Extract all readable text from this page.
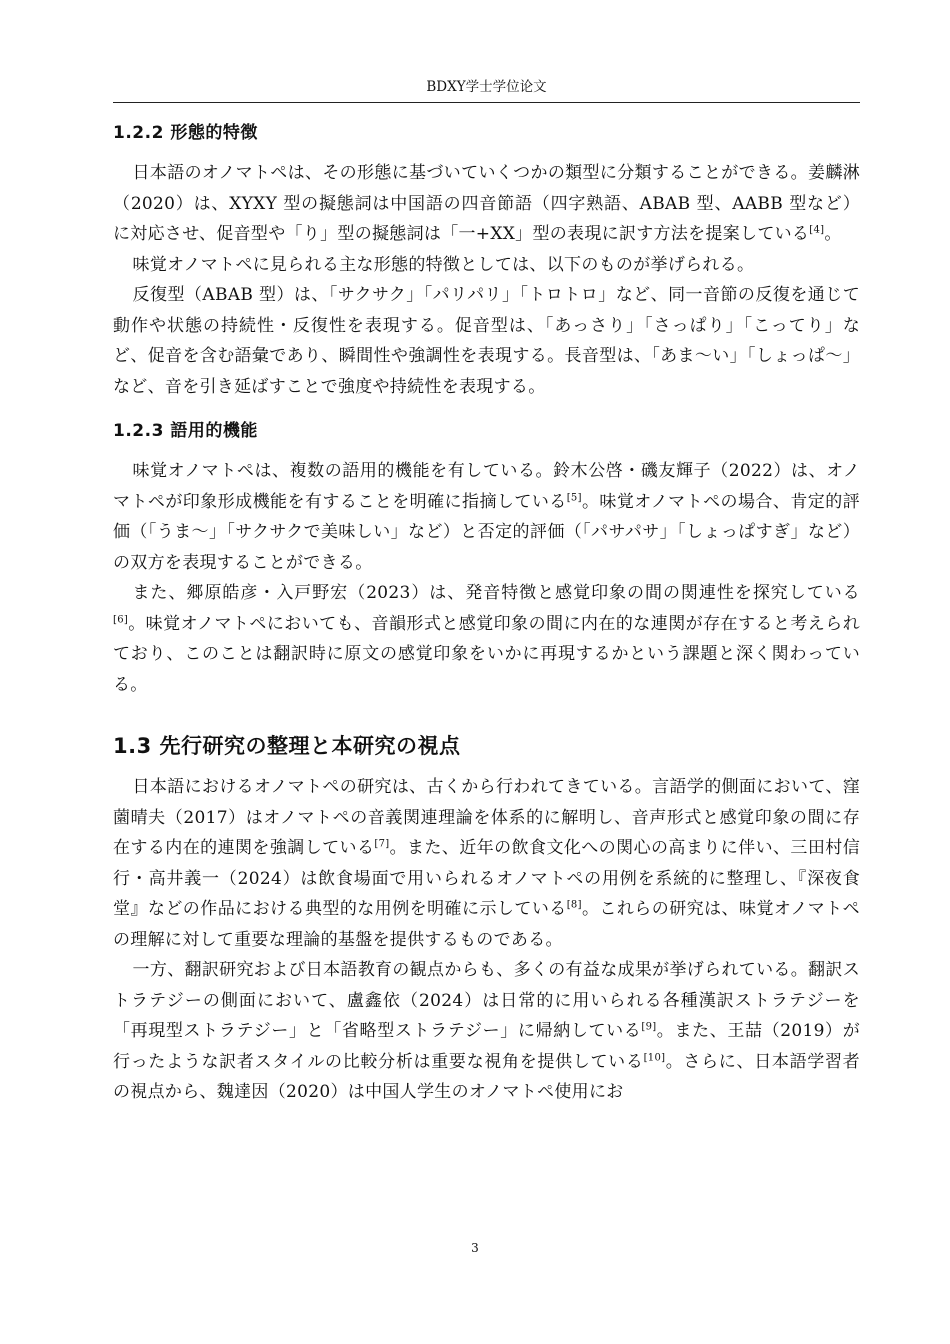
BDXY学士学位论文
1.2.2 形態的特徴

日本語のオノマトペは、その形態に基づいていくつかの類型に分類することができる。姜麟淋（2020）は、XYXY 型の擬態詞は中国語の四音節語（四字熟語、ABAB 型、AABB 型など）に対応させ、促音型や「り」型の擬態詞は「一+XX」型の表現に訳す方法を提案している[4]。

味覚オノマトペに見られる主な形態的特徴としては、以下のものが挙げられる。

反復型（ABAB 型）は、「サクサク」「パリパリ」「トロトロ」など、同一音節の反復を通じて動作や状態の持続性・反復性を表現する。促音型は、「あっさり」「さっぱり」「こってり」など、促音を含む語彙であり、瞬間性や強調性を表現する。長音型は、「あま〜い」「しょっぱ〜」など、音を引き延ばすことで強度や持続性を表現する。

1.2.3 語用的機能

味覚オノマトペは、複数の語用的機能を有している。鈴木公啓・磯友輝子（2022）は、オノマトペが印象形成機能を有することを明確に指摘している[5]。味覚オノマトペの場合、肯定的評価（「うま〜」「サクサクで美味しい」など）と否定的評価（「パサパサ」「しょっぱすぎ」など）の双方を表現することができる。

また、郷原皓彦・入戸野宏（2023）は、発音特徴と感覚印象の間の関連性を探究している[6]。味覚オノマトペにおいても、音韻形式と感覚印象の間に内在的な連関が存在すると考えられており、このことは翻訳時に原文の感覚印象をいかに再現するかという課題と深く関わっている。

1.3 先行研究の整理と本研究の視点

日本語におけるオノマトペの研究は、古くから行われてきている。言語学的側面において、窪薗晴夫（2017）はオノマトペの音義関連理論を体系的に解明し、音声形式と感覚印象の間に存在する内在的連関を強調している[7]。また、近年の飲食文化への関心の高まりに伴い、三田村信行・高井義一（2024）は飲食場面で用いられるオノマトペの用例を系統的に整理し、『深夜食堂』などの作品における典型的な用例を明確に示している[8]。これらの研究は、味覚オノマトペの理解に対して重要な理論的基盤を提供するものである。

一方、翻訳研究および日本語教育の観点からも、多くの有益な成果が挙げられている。翻訳ストラテジーの側面において、盧鑫依（2024）は日常的に用いられる各種漢訳ストラテジーを「再現型ストラテジー」と「省略型ストラテジー」に帰納している[9]。また、王喆（2019）が行ったような訳者スタイルの比較分析は重要な視角を提供している[10]。さらに、日本語学習者の視点から、魏達因（2020）は中国人学生のオノマトペ使用にお

3
